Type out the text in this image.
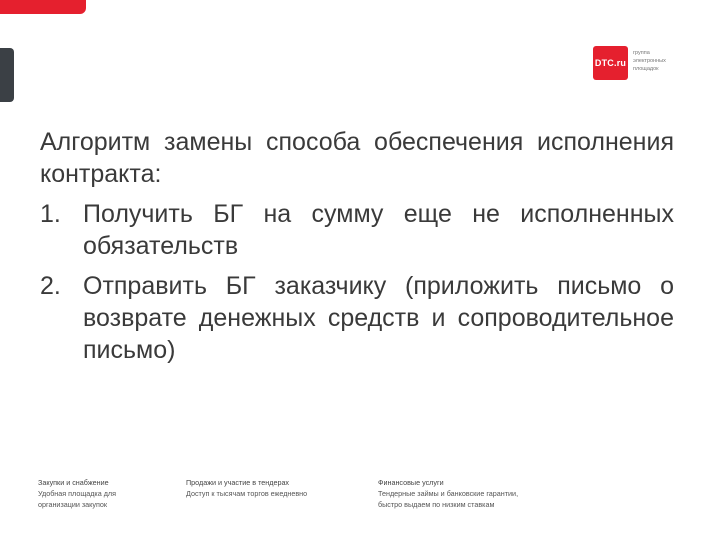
DTC.ru
группа
электронных
площадок

Алгоритм замены способа обеспечения исполнения контракта:

1. Получить БГ на сумму еще не исполненных обязательств
2. Отправить БГ заказчику (приложить письмо о возврате денежных средств и сопроводительное письмо)
Закупки и снабжение
Удобная площадка для
организации закупок
Продажи и участие в тендерах
Доступ к тысячам торгов ежедневно
Финансовые услуги
Тендерные займы и банковские гарантии,
быстро выдаем по низким ставкам
